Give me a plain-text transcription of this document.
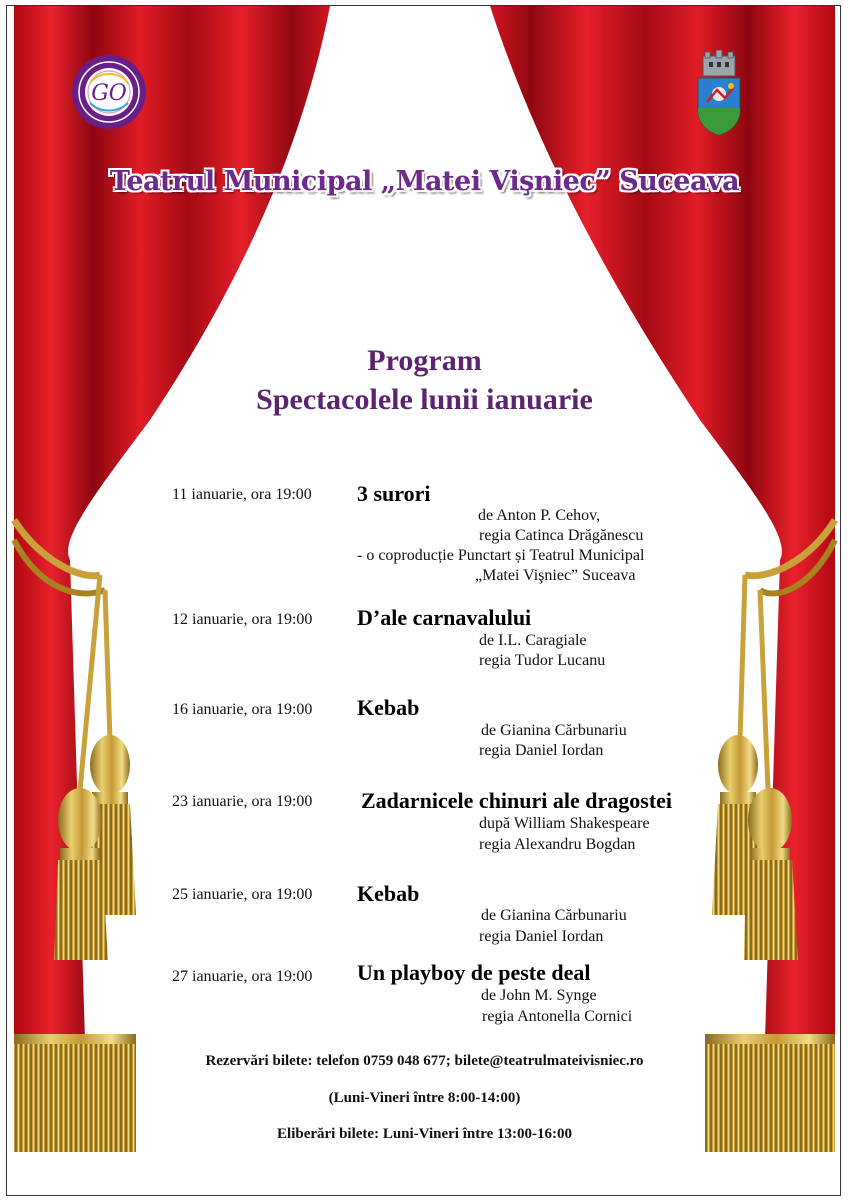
GO
Teatrul Municipal „Matei Vişniec” Suceava
Program
Spectacolele lunii ianuarie
11 ianuarie, ora 19:00 3 surori
de Anton P. Cehov,
regia Catinca Drăgănescu
- o coproducție Punctart și Teatrul Municipal
„Matei Vişniec” Suceava
12 ianuarie, ora 19:00 D’ale carnavalului
de I.L. Caragiale
regia Tudor Lucanu
16 ianuarie, ora 19:00 Kebab
de Gianina Cărbunariu
regia Daniel Iordan
23 ianuarie, ora 19:00 Zadarnicele chinuri ale dragostei
după William Shakespeare
regia Alexandru Bogdan
25 ianuarie, ora 19:00 Kebab
de Gianina Cărbunariu
regia Daniel Iordan
27 ianuarie, ora 19:00 Un playboy de peste deal
de John M. Synge
regia Antonella Cornici
Rezervări bilete: telefon 0759 048 677; bilete@teatrulmateivisniec.ro
(Luni-Vineri între 8:00-14:00)
Eliberări bilete: Luni-Vineri între 13:00-16:00
